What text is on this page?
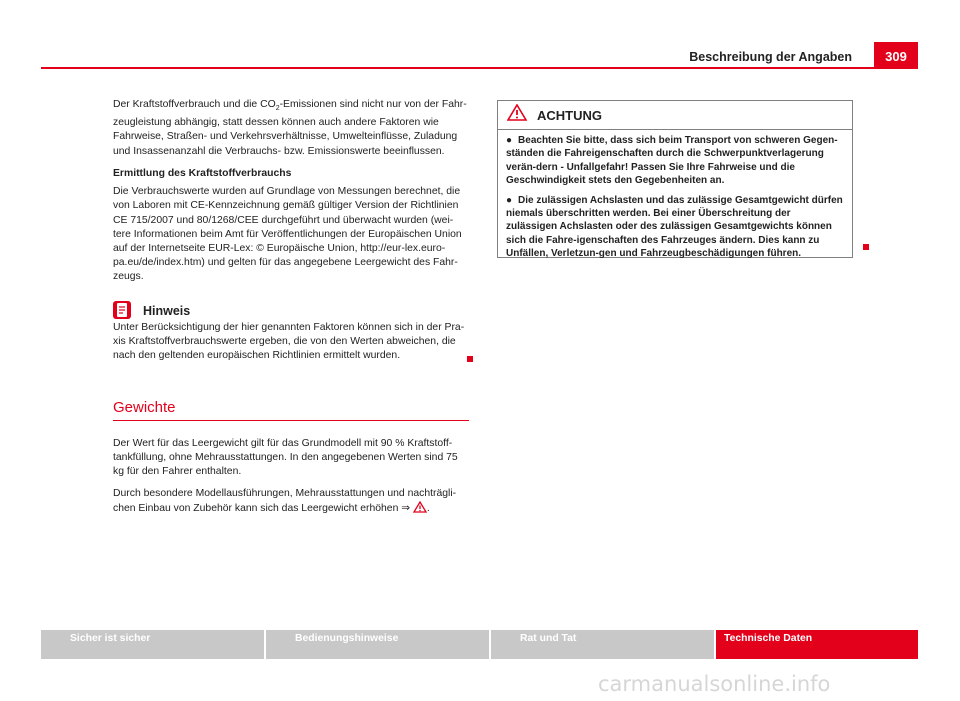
Beschreibung der Angaben	309

Der Kraftstoffverbrauch und die $CO_2$-Emissionen sind nicht nur von der Fahr-zeugleistung abhängig, statt dessen können auch andere Faktoren wie Fahrweise, Straßen- und Verkehrsverhältnisse, Umwelteinflüsse, Zuladung und Insassenanzahl die Verbrauchs- bzw. Emissionswerte beeinflussen.

Ermittlung des Kraftstoffverbrauchs

Die Verbrauchswerte wurden auf Grundlage von Messungen berechnet, die von Laboren mit CE-Kennzeichnung gemäß gültiger Version der Richtlinien CE 715/2007 und 80/1268/CEE durchgeführt und überwacht wurden (wei-tere Informationen beim Amt für Veröffentlichungen der Europäischen Union auf der Internetseite EUR-Lex: © Europäische Union, http://eur-lex.euro-pa.eu/de/index.htm) und gelten für das angegebene Leergewicht des Fahr-zeugs.

Hinweis

Unter Berücksichtigung der hier genannten Faktoren können sich in der Pra-xis Kraftstoffverbrauchswerte ergeben, die von den Werten abweichen, die nach den geltenden europäischen Richtlinien ermittelt wurden.

Gewichte

Der Wert für das Leergewicht gilt für das Grundmodell mit 90 % Kraftstoff-tankfüllung, ohne Mehrausstattungen. In den angegebenen Werten sind 75 kg für den Fahrer enthalten.

Durch besondere Modellausführungen, Mehrausstattungen und nachträgli-chen Einbau von Zubehör kann sich das Leergewicht erhöhen ⇒ .

ACHTUNG

● Beachten Sie bitte, dass sich beim Transport von schweren Gegen-ständen die Fahreigenschaften durch die Schwerpunktverlagerung verän-dern - Unfallgefahr! Passen Sie Ihre Fahrweise und die Geschwindigkeit stets den Gegebenheiten an.

● Die zulässigen Achslasten und das zulässige Gesamtgewicht dürfen niemals überschritten werden. Bei einer Überschreitung der zulässigen Achslasten oder des zulässigen Gesamtgewichts können sich die Fahre-igenschaften des Fahrzeuges ändern. Dies kann zu Unfällen, Verletzun-gen und Fahrzeugbeschädigungen führen.

Sicher ist sicher	Bedienungshinweise	Rat und Tat	Technische Daten
carmanualsonline.info
